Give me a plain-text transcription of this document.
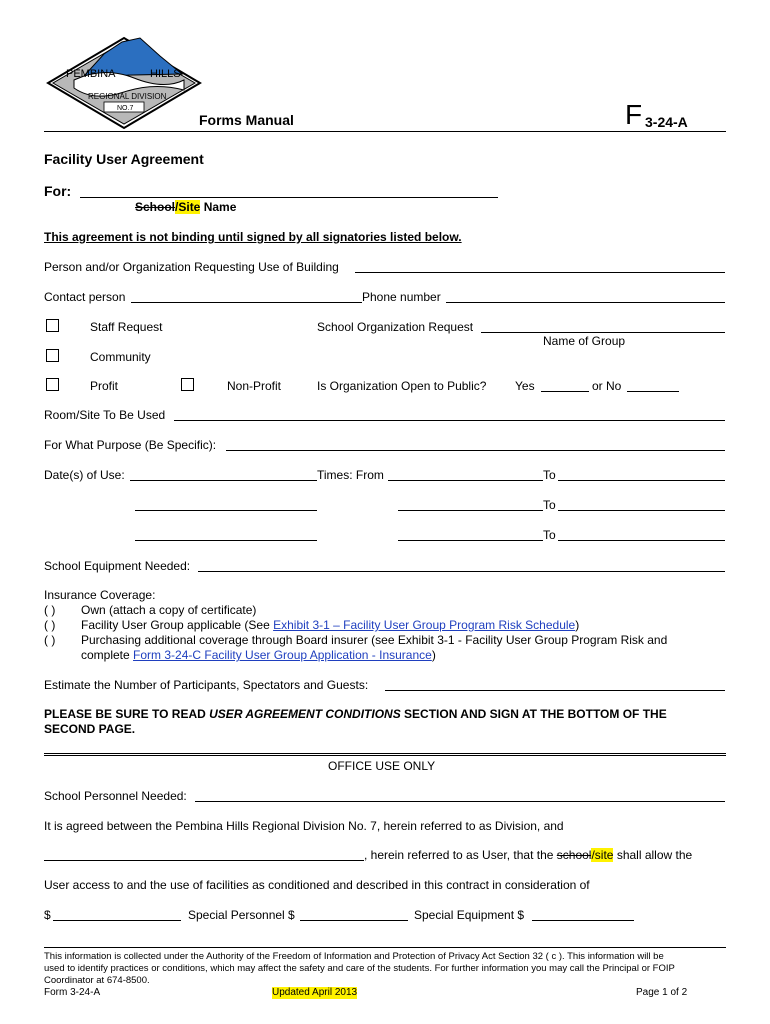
PEMBINA	HILLS
REGIONAL DIVISION
NO.7
Forms Manual	F 3-24-A
Facility User Agreement
For:
School/Site Name
This agreement is not binding until signed by all signatories listed below.
Person and/or Organization Requesting Use of Building
Contact person	Phone number
Staff Request	School Organization Request
Name of Group
Community
Profit	Non-Profit	Is Organization Open to Public? Yes	or No
Room/Site To Be Used
For What Purpose (Be Specific):
Date(s) of Use:	Times: From	To
To
To
School Equipment Needed:
Insurance Coverage:
( ) Own (attach a copy of certificate)
( ) Facility User Group applicable (See Exhibit 3-1 – Facility User Group Program Risk Schedule)
( ) Purchasing additional coverage through Board insurer (see Exhibit 3-1 - Facility User Group Program Risk and
complete Form 3-24-C Facility User Group Application - Insurance)
Estimate the Number of Participants, Spectators and Guests:
PLEASE BE SURE TO READ USER AGREEMENT CONDITIONS SECTION AND SIGN AT THE BOTTOM OF THE
SECOND PAGE.
OFFICE USE ONLY
School Personnel Needed:
It is agreed between the Pembina Hills Regional Division No. 7, herein referred to as Division, and
, herein referred to as User, that the school/site shall allow the
User access to and the use of facilities as conditioned and described in this contract in consideration of
$	Special Personnel $	Special Equipment $
This information is collected under the Authority of the Freedom of Information and Protection of Privacy Act Section 32 ( c ). This information will be
used to identify practices or conditions, which may affect the safety and care of the students. For further information you may call the Principal or FOIP
Coordinator at 674-8500.
Form 3-24-A	Updated April 2013	Page 1 of 2
